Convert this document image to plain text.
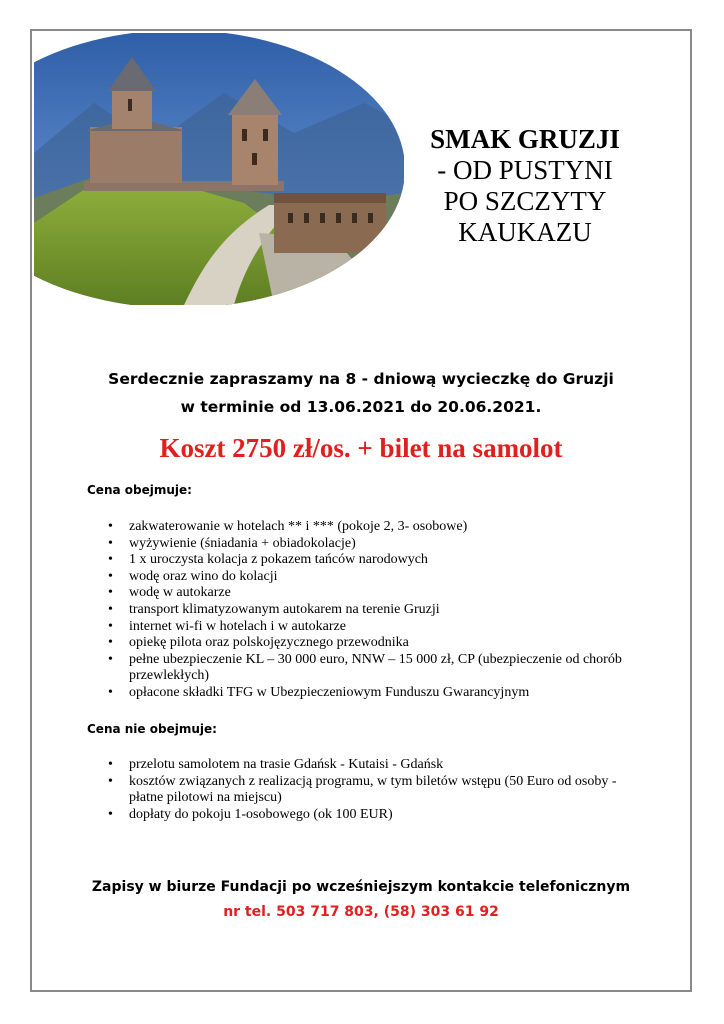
SMAK GRUZJI
- OD PUSTYNI
PO SZCZYTY
KAUKAZU
Serdecznie zapraszamy na 8 - dniową wycieczkę do Gruzji
w terminie od 13.06.2021 do 20.06.2021.
Koszt 2750 zł/os. + bilet na samolot
Cena obejmuje:
• zakwaterowanie w hotelach ** i *** (pokoje 2, 3- osobowe)
• wyżywienie (śniadania + obiadokolacje)
• 1 x uroczysta kolacja z pokazem tańców narodowych
• wodę oraz wino do kolacji
• wodę w autokarze
• transport klimatyzowanym autokarem na terenie Gruzji
• internet wi-fi w hotelach i w autokarze
• opiekę pilota oraz polskojęzycznego przewodnika
• pełne ubezpieczenie KL – 30 000 euro, NNW – 15 000 zł, CP (ubezpieczenie od chorób przewlekłych)
• opłacone składki TFG w Ubezpieczeniowym Funduszu Gwarancyjnym
Cena nie obejmuje:
• przelotu samolotem na trasie Gdańsk - Kutaisi - Gdańsk
• kosztów związanych z realizacją programu, w tym biletów wstępu (50 Euro od osoby - płatne pilotowi na miejscu)
• dopłaty do pokoju 1-osobowego (ok 100 EUR)
Zapisy w biurze Fundacji po wcześniejszym kontakcie telefonicznym
nr tel. 503 717 803, (58) 303 61 92
